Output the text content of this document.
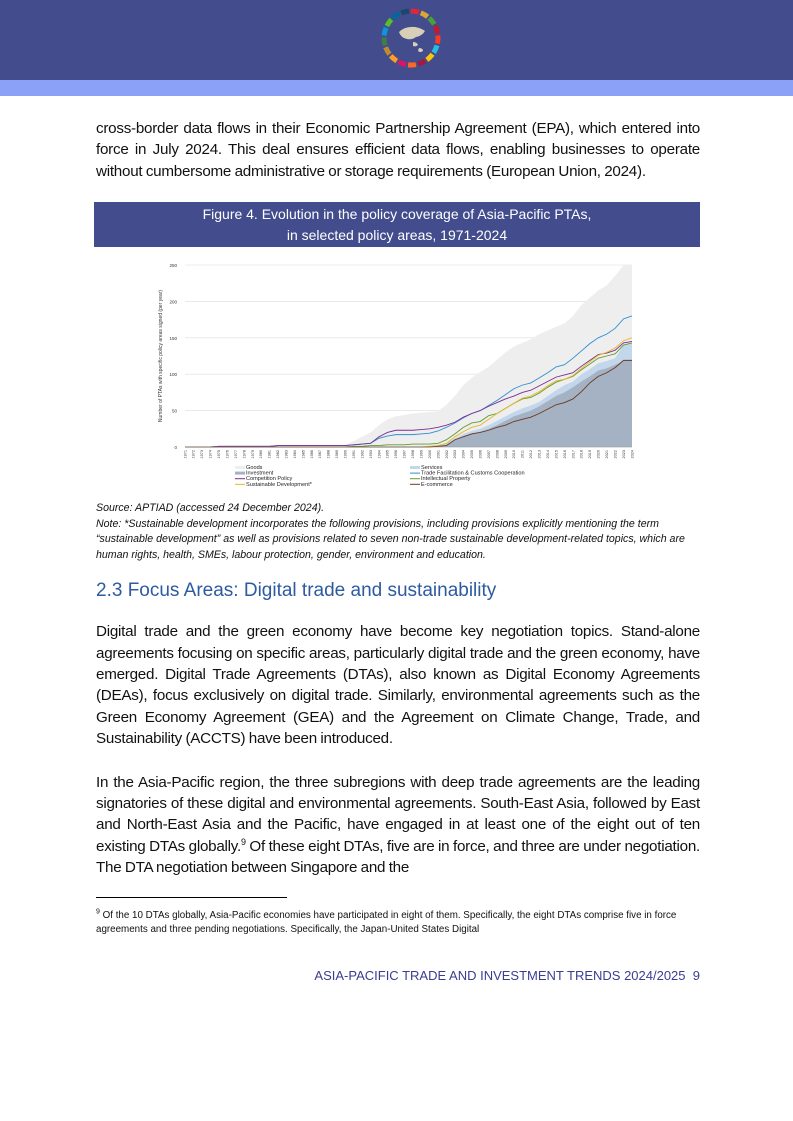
cross-border data flows in their Economic Partnership Agreement (EPA), which entered into force in July 2024. This deal ensures efficient data flows, enabling businesses to operate without cumbersome administrative or storage requirements (European Union, 2024).

Figure 4. Evolution in the policy coverage of Asia-Pacific PTAs,
in selected policy areas, 1971-2024
0
50
100
150
200
250
Number of PTAs with specific policy areas signed (per year)
1971 1972 1973 1974 1975 1976 1977 1978 1979 1980 1981 1982 1983 1984 1985 1986 1987 1988 1989 1990 1991 1992 1993 1994 1995 1996 1997 1998 1999 2000 2001 2002 2003 2004 2005 2006 2007 2008 2009 2010 2011 2012 2013 2014 2015 2016 2017 2018 2019 2020 2021 2022 2023 2024
Goods	Services
Investment	Trade Facilitation & Customs Cooperation
Competition Policy	Intellectual Property
Sustainable Development*	E-commerce
Source: APTIAD (accessed 24 December 2024).
Note: *Sustainable development incorporates the following provisions, including provisions explicitly mentioning the term “sustainable development” as well as provisions related to seven non-trade sustainable development-related topics, which are human rights, health, SMEs, labour protection, gender, environment and education.
2.3 Focus Areas: Digital trade and sustainability

Digital trade and the green economy have become key negotiation topics. Stand-alone agreements focusing on specific areas, particularly digital trade and the green economy, have emerged. Digital Trade Agreements (DTAs), also known as Digital Economy Agreements (DEAs), focus exclusively on digital trade. Similarly, environmental agreements such as the Green Economy Agreement (GEA) and the Agreement on Climate Change, Trade, and Sustainability (ACCTS) have been introduced.

In the Asia-Pacific region, the three subregions with deep trade agreements are the leading signatories of these digital and environmental agreements. South-East Asia, followed by East and North-East Asia and the Pacific, have engaged in at least one of the eight out of ten existing DTAs globally.$^9$ Of these eight DTAs, five are in force, and three are under negotiation. The DTA negotiation between Singapore and the

$^9$ Of the 10 DTAs globally, Asia-Pacific economies have participated in eight of them. Specifically, the eight DTAs comprise five in force agreements and three pending negotiations. Specifically, the Japan-United States Digital
ASIA-PACIFIC TRADE AND INVESTMENT TRENDS 2024/2025 9
